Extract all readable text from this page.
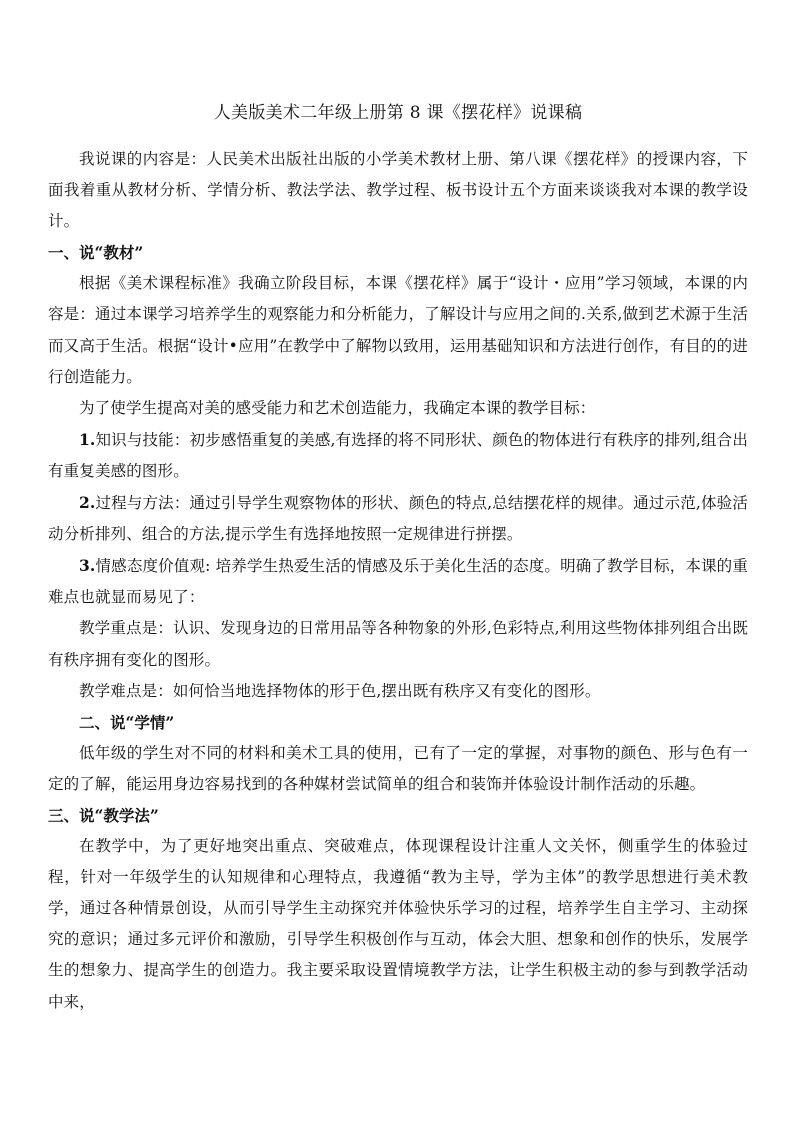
人美版美术二年级上册第 8 课《摆花样》说课稿

我说课的内容是：人民美术出版社出版的小学美术教材上册、第八课《摆花样》的授课内容，下面我着重从教材分析、学情分析、教法学法、教学过程、板书设计五个方面来谈谈我对本课的教学设计。

一、说“教材”

根据《美术课程标准》我确立阶段目标，本课《摆花样》属于“设计・应用”学习领域，本课的内容是：通过本课学习培养学生的观察能力和分析能力，了解设计与应用之间的.关系,做到艺术源于生活而又高于生活。根据“设计•应用”在教学中了解物以致用，运用基础知识和方法进行创作，有目的的进行创造能力。

为了使学生提高对美的感受能力和艺术创造能力，我确定本课的教学目标：

1.知识与技能：初步感悟重复的美感,有选择的将不同形状、颜色的物体进行有秩序的排列,组合出有重复美感的图形。

2.过程与方法：通过引导学生观察物体的形状、颜色的特点,总结摆花样的规律。通过示范,体验活动分析排列、组合的方法,提示学生有选择地按照一定规律进行拼摆。

3.情感态度价值观: 培养学生热爱生活的情感及乐于美化生活的态度。明确了教学目标，本课的重难点也就显而易见了：

教学重点是：认识、发现身边的日常用品等各种物象的外形,色彩特点,利用这些物体排列组合出既有秩序拥有变化的图形。

教学难点是：如何恰当地选择物体的形于色,摆出既有秩序又有变化的图形。

二、说“学情”

低年级的学生对不同的材料和美术工具的使用，已有了一定的掌握，对事物的颜色、形与色有一定的了解，能运用身边容易找到的各种媒材尝试简单的组合和装饰并体验设计制作活动的乐趣。

三、说“教学法”

在教学中，为了更好地突出重点、突破难点，体现课程设计注重人文关怀，侧重学生的体验过程，针对一年级学生的认知规律和心理特点，我遵循“教为主导，学为主体”的教学思想进行美术教学，通过各种情景创设，从而引导学生主动探究并体验快乐学习的过程，培养学生自主学习、主动探究的意识；通过多元评价和激励，引导学生积极创作与互动，体会大胆、想象和创作的快乐，发展学生的想象力、提高学生的创造力。我主要采取设置情境教学方法，让学生积极主动的参与到教学活动中来，
